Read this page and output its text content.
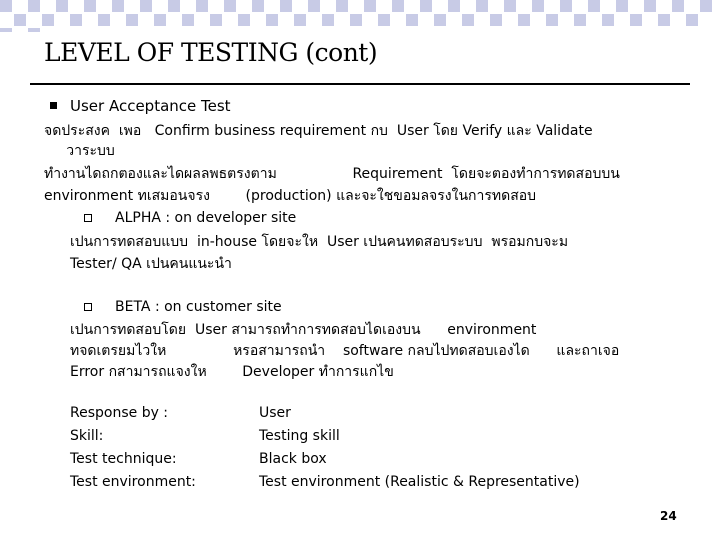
LEVEL OF TESTING (cont)
User Acceptance Test
จดประสงค  เพอ   Confirm business requirement กบ  User โดย Verify และ Validate
วาระบบ
ทำงานไดถกตองและไดผลลพธตรงตาม                 Requirement  โดยจะตองทำการทดสอบบน
environment ทเสมอนจรง        (production) และจะใชขอมลจรงในการทดสอบ
ALPHA : on developer site
เปนการทดสอบแบบ  in-house โดยจะให  User เปนคนทดสอบระบบ  พรอมกบจะม
Tester/ QA เปนคนแนะนำ
BETA : on customer site
เปนการทดสอบโดย  User สามารถทำการทดสอบไดเองบน      environment
ทจดเตรยมไวให               หรอสามารถนำ    software กลบไปทดสอบเองได      และถาเจอ
Error กสามารถแจงให        Developer ทำการแกไข
Response by :	User
Skill:	Testing skill
Test technique:	Black box
Test environment:	Test environment (Realistic & Representative)
24
